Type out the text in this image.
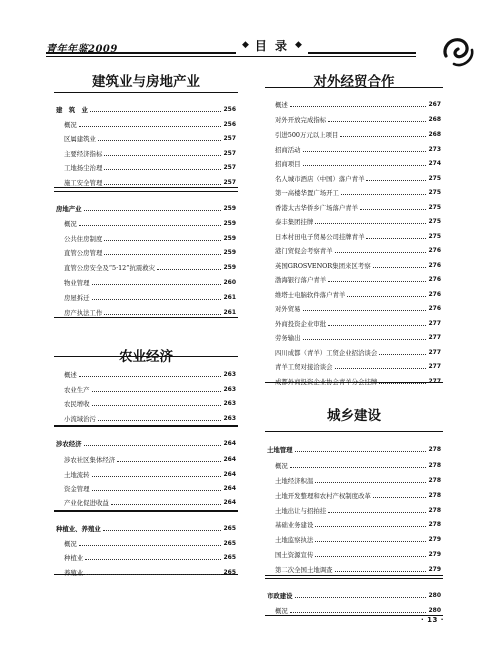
青年年鉴2009	◆ 目 录 ◆
建筑业与房地产业
农业经济
建　筑　业	256
概况	256
区属建筑业	257
主要经济指标	257
工地扬尘治理	257
施工安全管理	257
房地产业	259
概况	259
公共住房制度	259
直管公房管理	259
直管公房安全及“5·12”抗震救灾	259
物业管理	260
房屋拆迁	261
房产执法工作	261
概述	263
农业生产	263
农民增收	263
小流域治污	263
涉农经济	264
涉农社区集体经济	264
土地流转	264
资金管理	264
产业化促进收益	264
种植业、养殖业	265
概况	265
种植业	265
养殖业	265
对外经贸合作
城乡建设
概述	267
对外开放完成指标	268
引进500万元以上项目	268
招商活动	273
招商项目	274
名人城市酒店（中国）落户青羊	275
第一高楼华置广场开工	275
香港太古华侨乡广场落户青羊	275
泰丰集团挂牌	275
日本村田电子贸易公司挂牌青羊	275
港门贸促会考察青羊	276
英国GROSVENOR集团来区考察	276
渤海银行落户青羊	276
维塔士电脑软件落户青羊	276
对外贸易	276
外商投资企业审批	277
劳务输出	277
四川成都（青羊）工贸企业招洽谈会	277
青羊工贸对接洽谈会	277
成都外商投资企业协会青羊分会挂牌	277
土地管理	278
概况	278
土地经济积温	278
土地开发整理和农村产权制度改革	278
土地出让与招拍挂	278
基础业务建设	278
土地监察执法	279
国土资源宣传	279
第二次全国土地调查	279
市政建设	280
概况	280
· 13 ·
